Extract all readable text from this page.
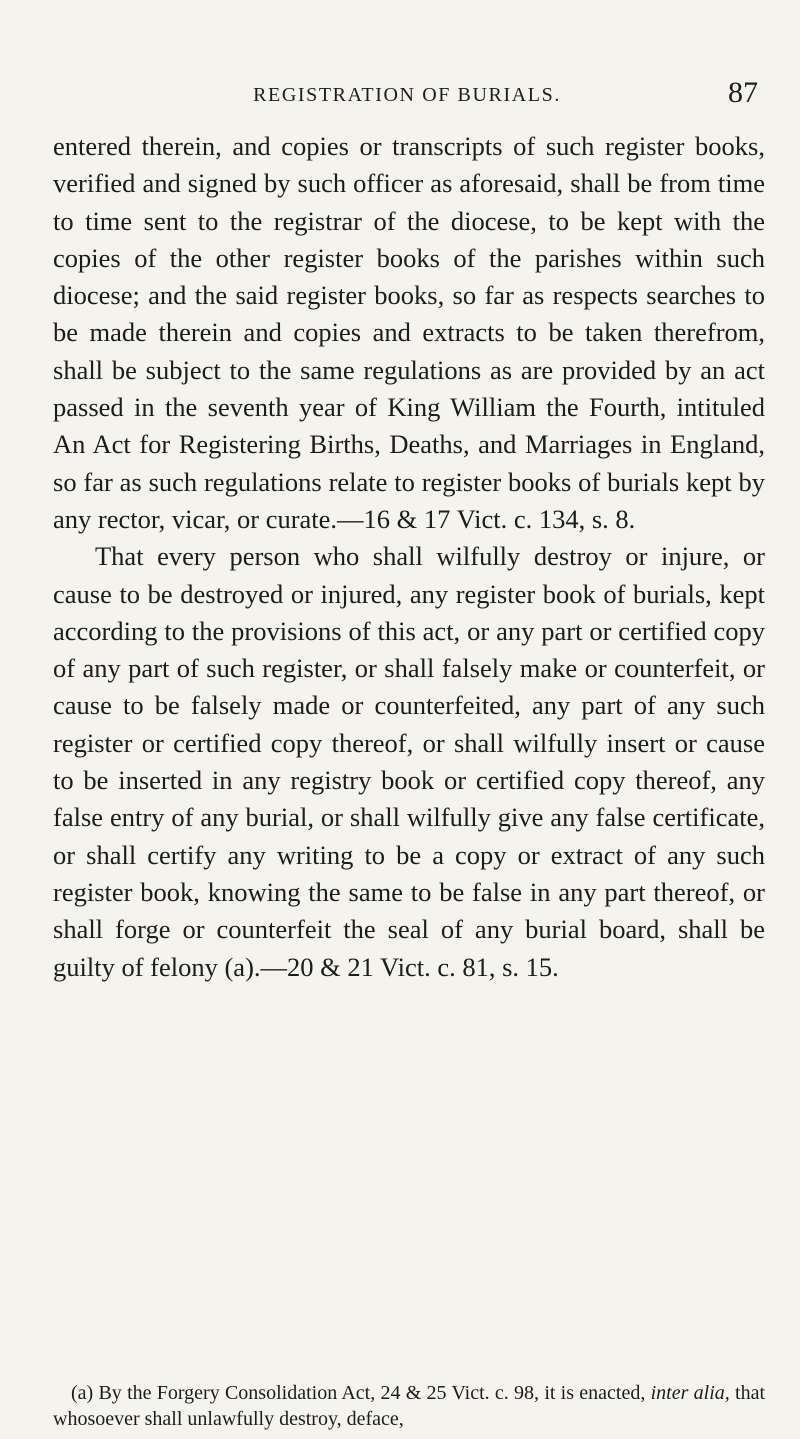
REGISTRATION OF BURIALS.	87

entered therein, and copies or transcripts of such register books, verified and signed by such officer as aforesaid, shall be from time to time sent to the registrar of the diocese, to be kept with the copies of the other register books of the parishes within such diocese; and the said register books, so far as respects searches to be made therein and copies and extracts to be taken therefrom, shall be subject to the same regulations as are provided by an act passed in the seventh year of King William the Fourth, intituled An Act for Registering Births, Deaths, and Marriages in England, so far as such regulations relate to register books of burials kept by any rector, vicar, or curate.—16 & 17 Vict. c. 134, s. 8.

That every person who shall wilfully destroy or injure, or cause to be destroyed or injured, any register book of burials, kept according to the provisions of this act, or any part or certified copy of any part of such register, or shall falsely make or counterfeit, or cause to be falsely made or counterfeited, any part of any such register or certified copy thereof, or shall wilfully insert or cause to be inserted in any registry book or certified copy thereof, any false entry of any burial, or shall wilfully give any false certificate, or shall certify any writing to be a copy or extract of any such register book, knowing the same to be false in any part thereof, or shall forge or counterfeit the seal of any burial board, shall be guilty of felony (a).—20 & 21 Vict. c. 81, s. 15.

(a) By the Forgery Consolidation Act, 24 & 25 Vict. c. 98, it is enacted, inter alia, that whosoever shall unlawfully destroy, deface,
